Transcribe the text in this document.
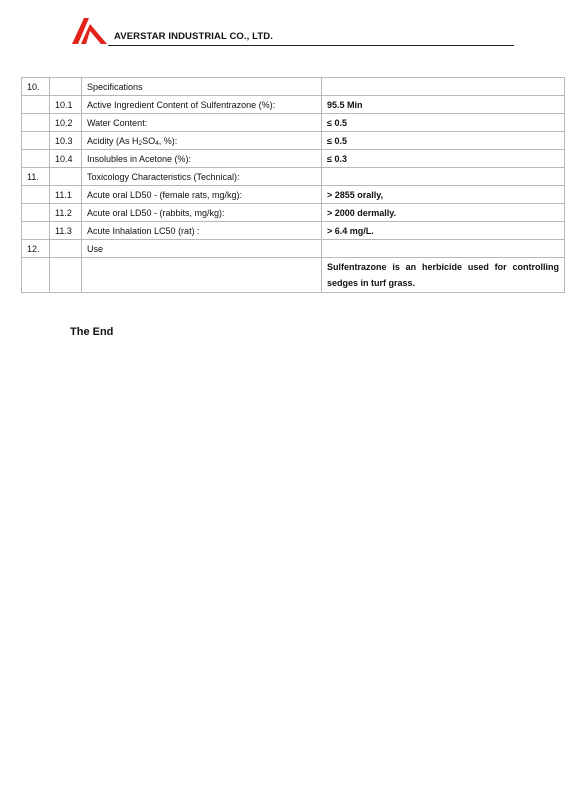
AVERSTAR INDUSTRIAL CO., LTD.
10.		Specifications	
	10.1	Active Ingredient Content of Sulfentrazone (%):	95.5 Min
	10.2	Water Content:	≤ 0.5
	10.3	Acidity (As $H_2SO_4$, %):	≤ 0.5
	10.4	Insolubles in Acetone (%):	≤ 0.3
11.		Toxicology Characteristics (Technical):	
	11.1	Acute oral LD50 - (female rats, mg/kg):	> 2855 orally,
	11.2	Acute oral LD50 - (rabbits, mg/kg):	> 2000 dermally.
	11.3	Acute Inhalation LC50 (rat) :	> 6.4 mg/L.
12.		Use	
			Sulfentrazone is an herbicide used for controlling sedges in turf grass.
The End
